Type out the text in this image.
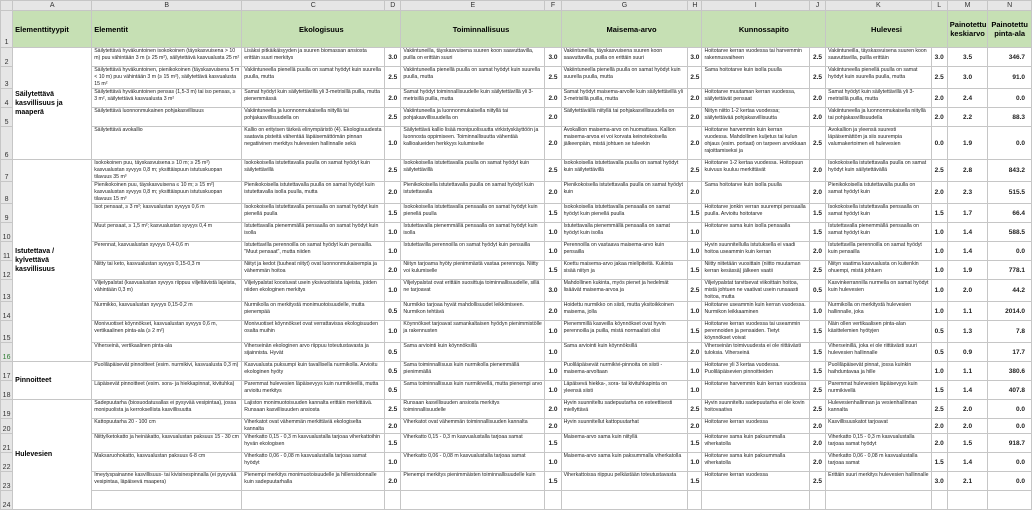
	A	B	C	D	E	F	G	H	I	J	K	L	M	N
1	Elementtityypit	Elementit	Ekologisuus		Toiminnallisuus		Maisema-arvo		Kunnossapito		Hulevesi		Painotettu keskiarvo	Painotettu pinta-ala
2	Säilytettävä kasvillisuus ja maaperä	Säilytettävä hyväkuntoinen isokokoinen (täyskasvuisena > 10 m) puu vähintään 3 m (≥ 25 m²), säilytettävä kasvualusta 25 m²	Lisäksi pitkäikäisyyden ja suuren biomassan ansiosta erittäin suuri merkitys	3.0	Vakiintuneilla, täyskasvuisena suuren koon saavuttavilla, puilla on erittäin suuri	3.0	Vakiintuneilla, täyskasvuisena suuren koon saavuttavilla, puilla on erittäin suuri	3.0	Hoitotarve kerran vuodessa tai harvemmin rakennusvaiheen	2.5	Vakiintuneilla, täyskasvuisena suuren koon saavuttavilla, puilla erittäin	3.0	3.5	346.7
3		Säilytettävä hyväkuntoinen, pienikokoinen (täyskasvuisena 5 m < 10 m) puu vähintään 3 m (≥ 15 m²), säilytettävä kasvualusta 15 m²	Vakiintuneella pienellä puulla on samat hyödyt kuin suurella puulla, mutta	2.5	Vakiintuneella pienellä puulla on samat hyödyt kuin suurella puulla, mutta	2.5	Vakiintuneella pienellä puulla on samat hyödyt kuin suurella puulla, mutta	2.5	Sama hoitotarve kuin isolla puulla	2.5	Vakiintuneella pienellä puulla on samat hyödyt kuin suurella puulla, mutta	2.5	3.0	91.0
4		Säilytettävä hyväkuntoinen pensas (1,5-3 m) tai iso pensas, ≥ 3 m², säilytettävä kasvualusta 3 m²	Samat hyödyt kuin säilytettävillä yli 3-metrisillä puilla, mutta pienemmässä	2.0	Samat hyödyt toiminnallisuudelle kuin säilytettävillä yli 3-metrisillä puilla, mutta	2.0	Samat hyödyt maisema-arvolle kuin säilytettävillä yli 3-metrisillä puilla, mutta	2.0	Hoitotarve muutaman kerran vuodessa, säilytettävät pensaat	2.0	Samat hyödyt kuin säilytettävillä yli 3-metrisillä puilla, mutta	2.0	2.4	0.0
5		Säilytettävä luonnonmukainen pohjakasvillisuus	Vakiintuneella ja luonnonmukaisella niityllä tai pohjakasvillisuudella on	2.5	Vakiintuneella ja luonnonmukaisella niityllä tai pohjakasvillisuudella on	2.0	Säilytettävällä niityllä tai pohjakasvillisuudella on	2.0	Niityn niitto 1-2 kertaa vuodessa; säilytettävää pohjakasvillisuutta	2.0	Vakiintuneella ja luonnonmukaisella niityllä tai pohjakasvillisuudella	2.0	2.2	88.3
6		Säilytettävä avokallio	Kallio on erityisen tärkeä elinympäristö (4). Ekologisuudesta saatavia pisteitä vähentää läpäisemättömän pinnan negatiivinen merkitys hulevesien hallinnalle sekä	1.0	Säilytettävä kallio lisää monipuolisuutta virkistyskäyttöön ja luonnosta oppimiseen. Toiminnallisuutta vähentää kallioalueiden herkkyys kulumiselle	2.0	Avokallion maisema-arvo on huomattava. Kallion maisema-arvoa ei voi korvata keinotekoisella jälkeenpäin, mistä johtuen se tuleekin	2.0	Hoitotarve harvemmin kuin kerran vuodessa. Mahdollinen kuljetus tai kulun ohjaus (esim. portaat) on tarpeen arvokkaan rajoittamiseksi ja	2.5	Avokallion ja yleensä suuresti läpäisemättöm ja siis suurempia valumakertoimen eli hulevesien	0.0	1.9	0.0
7	Istutettava / kylvettävä kasvillisuus	Isokokoinen puu, täyskasvuisena ≥ 10 m; ≥ 25 m²) kasvualustan syvyys 0,8 m; yksittäispuun istutuskuopan tilavuus 35 m³	Isokokoisella istutettavalla puulla on samat hyödyt kuin säilytettävillä	2.5	Isokokoisella istutettavalla puulla on samat hyödyt kuin säilytettävillä	2.5	Isokokoisella istutettavalla puulla on samat hyödyt kuin säilytettävillä	2.5	Hoitotarve 1-2 kertaa vuodessa. Hoitopuun kuivuus kuuluu merkittävät	2.0	Isokokoisella istutettavalla puulla on samat hyödyt kuin säilytettävällä	2.5	2.8	843.2
8		Pienikokoinen puu, täyskasvuisena ≤ 10 m; ≥ 15 m²) kasvualustan syvyys 0,8 m; yksittäispuun istutuskuopan tilavuus 15 m³	Pienikokoisella istutettavalla puulla on samat hyödyt kuin istutettavalla isolla puulla, mutta	2.0	Pienikokoisella istutettavalla puulla on samat hyödyt kuin istutettavalla	2.0	Pienikokoisella istutettavalla puulla on samat hyödyt kuin	2.0	Sama hoitotarve kuin isolla puulla	2.0	Pienikokoisella istutettavalla puulla on samat hyödyt kuin	2.0	2.3	515.5
9		Isot pensaat, ≥ 3 m²; kasvualustan syvyys 0,6 m	Isokokoisella istutettavalla pensaalla on samat hyödyt kuin pienellä puulla	1.5	Isokokoisella istutettavalla pensaalla on samat hyödyt kuin pienellä puulla	1.5	Isokokoisella istutettavalla pensaalla on samat hyödyt kuin pienellä puulla	1.5	Hoitotarve jonkin verran suurempi pensaalla puulla. Arvioitu hoitotarve	1.5	Isokokoisella istutettavalla pensaalla on samat hyödyt kuin	1.5	1.7	66.4
10		Muut pensaat, ≥ 1,5 m²; kasvualustan syvyys 0,4 m	Istutettavalla pienemmällä pensaalla on samat hyödyt kuin isolla	1.0	Istutettavalla pienemmällä pensaalla on samat hyödyt kuin isolla	1.0	Istutettavalla pienemmällä pensaalla on samat hyödyt kuin isolla	1.0	Hoitotarve sama kuin isolla pensaalla	1.5	Istutettavalla pienemmällä pensaalla on samat hyödyt kuin	1.0	1.4	588.5
11		Perennat, kasvualustan syvyys 0,4-0,6 m	Istutettavilla perennoilla on samat hyödyt kuin pensailla. "Muut pensaat", mutta niiden	1.0	Istutettavilla perennoilla on samat hyödyt kuin pensailla	1.0	Perennoilla on vastaava maisema-arvo kuin pensailla	1.0	Hyvin suunnitellulla istutuksella ei vaadi hoitoa useammin kuin kerran	2.0	Istutettavilla perennoilla on samat hyödyt kuin pensailla	1.0	1.4	0.0
12		Niitty tai keto, kasvualustan syvyys 0,15-0,3 m	Niityt ja kedot (tuuheat niityt) ovat luonnonmukaisempia ja vähemmän hoitoa	2.0	Niityn tarjoama hyöty pienimmästä vastaa perennoja. Niitty voi kulumiselle	1.5	Koettu maisema-arvo jakaa mielipiteitä. Kukinta sisää niityn ja	1.5	Niitty niitetään vuosittain (niitto muutaman kerran kesässä) jälkeen vaatii	2.5	Niityn vaatima kasvualusta on kuitenkin ohuempi, mistä johtuen	1.0	1.9	778.1
13		Viljelypalstat (kasvualustan syvyys riippuu viljeltävistä lajeista, vähintään 0,3 m)	Viljelypalstat koostuvat usein yksivuotisista lajeista, joiden niiden ekologinen merkitys	1.0	Viljelypalstat ovat erittäin suosittuja toiminnallisuudelle, sillä ne tarjoavat	3.0	Mahdollinen kukinta, myös pienet ja hedelmät lisäävät maisema-arvoa ja	2.5	Viljelypalstat tarvitsevat viikoittain hoitoa, mistä johtuen ne vaativat usein runsaasti hoitoa, mutta	0.5	Kasvinkerrannilla nurmella on samat hyödyt kuin hulevesien	1.0	2.0	44.2
14		Nurmikko, kasvualustan syvyys 0,15-0,2 m	Nurmikolla on merkitystä monimuotoisuudelle, mutta pienempää	0.5	Nurmikko tarjoaa hyvät mahdollisuudet leikkimiseen. Nurmikon tehtävä	2.0	Hoidettu nurmikko on siisti, mutta yksitoikkoinen maisema, jolla	1.0	Hoitotarve useammin kuin kerran vuodessa. Nurmikon leikkaaminen	1.0	Nurmikolla on merkitystä hulevesien hallinnalle, joka	1.0	1.1	2014.0
15		Monivuotiset köynnökset, kasvualustan syvyys 0,6 m, vertikaalinen pinta-ala (≥ 2 m²)	Monivuotiset köynnökset ovat verrattavissa ekologisuuden osalta muihin	1.0	Köynnökset tarjoavat samankaltaisen hyödyn pienimmistölle ja rakennusten	1.0	Pienemmillä kasveilla köynnökset ovat hyvin perennoilla ja puilla, mistä normaalisti olisi	1.5	Hoitotarve kerran vuodessa tai useammin perennoiden ja pensaiden. Tietyt köynnökset voivat	1.5	Näin ollen vertikaalisen pinta-alan käsittelemien hyötyjen	0.5	1.3	7.8
16		Viherseinä, vertikaalinen pinta-ala	Viherseinän ekologinen arvo riippuu toteutustavasta ja sijainnista. Hyvät	0.5	Sama arviointi kuin köynnöksillä	1.0	Sama arviointi kuin köynnöksillä	2.0	Viherseinän toimivuudesta ei ole riittävästi tuloksia. Viherseinä	1.5	Viherseinillä, joka ei ole riittävästi suuri hulevesien hallinnalle	0.5	0.9	17.7
17	Pinnoitteet	Puoliläpäisevät pinnoitteet (esim. nurmikivi, kasvualusta 0,3 m)	Kasvualusta puksumpi kuin tavallisella nurmikolla. Arvioitu ekologinen hyöty	0.5	Sama toiminnallisuus kuin nurmikolla pienemmällä pienimmällä	1.0	Puoliläpäisevät nurmikivi-pinnoita on siisti - maisema-arvoltaan	1.0	Hoitotarve yli 3 kertaa vuodessa. Puoliläpäisevien pinnoitteiden	1.5	Puoliläpäisevät pinnat, jossa kuinkin haihduntavaa ja hille	1.0	1.1	380.6
18		Läpäisevät pinnoitteet (esim. sora- ja hiekkapinnat, kivituhka)	Paremmat hulevesien läpäisevyys kuin nurmikivellä, mutta arvioitu merkitys	0.5	Sama toiminnallisuus kuin nurmikivellä, mutta pienempi arvo	1.0	Läpäisevä hiekka-, sora- tai kivituhkapinta on yleensä siisti	1.0	Hoitotarve harvemmin kuin kerran vuodessa	2.5	Paremmat hulevesien läpäisevyys kuin nurmikivellä	1.5	1.4	407.8
19	Hulevesien	Sadepuutarha (biosuodatusallas ei pysyvää vesipintaa), jossa monipuolista ja kerroksellista kasvillisuutta	Lajiston monimuotoisuuden kannalta erittäin merkittävä. Runsaan kasvillisuuden ansiosta	2.5	Runsaan kasvillisuuden ansiosta merkitys toiminnallisuudelle	2.0	Hyvin suunniteltu sadepuutarha on esteettisesti miellyttävä	2.5	Hyvin suunniteltu sadepuutarha ei ole kovin hoitovaativa	2.5	Hulevesienhallinnan ja vesienhallinnan kannalta	2.5	2.0	0.0
20		Kattopuutarha 20 - 100 cm	Viherkatot ovat vähemmän merkittäviä ekologiselta kannalta	2.0	Viherkatot ovat vähemmän toiminnallisuuden kannalta	2.0	Hyvin suunnitellut kattopuutarhat	2.0	Hoitotarve kerran vuodessa	2.0	Kasvillisuuskatot tarjoavat	2.0	2.0	0.0
21		Niitty/ketokatto ja heinäkatto, kasvualustan paksuus 15 - 30 cm	Viherkatto 0,15 - 0,3 m kasvualustalla tarjoaa viherkattoihin hyvän ekologisen	1.5	Viherkatto 0,15 - 0,3 m kasvualustalla tarjoaa samat	1.5	Maisema-arvo sama kuin niityllä	1.5	Hoitotarve sama kuin paksummalla viherkatolla	2.0	Viherkatto 0,15 - 0,3 m kasvualustalla tarjoaa samat hyödyt	2.0	1.5	918.7
22		Maksaruohokatto, kasvualustan paksuus 6-8 cm	Viherkatto 0,06 - 0,08 m kasvualustalla tarjoaa samat hyödyt	1.0	Viherkatto 0,06 - 0,08 m kasvualustalla tarjoaa samat	1.0	Maisema-arvo sama kuin paksummalla viherkatolla	1.0	Hoitotarve sama kuin paksummalla viherkatolla	2.0	Viherkatto 0,06 - 0,08 m kasvualustalla tarjoaa samat	1.5	1.4	0.0
23		Imeytyspainanne kasvillisuus- tai kivisinespinnalla (ei pysyvää vesipintaa, läpäisevä maapera)	Pienempi merkitys monimuotoisuudelle ja hillensidonnalle kuin sadepuutarhalla	2.0	Pienempi merkitys pienimmäisten toiminnallisuudelle kuin	1.5	Viherkattoissa riippuu pelkästään toteutustavasta	1.5	Hoitotarve kerran vuodessa	2.5	Erittäin suuri merkitys hulevesien hallinnalle	3.0	2.1	0.0
24														
